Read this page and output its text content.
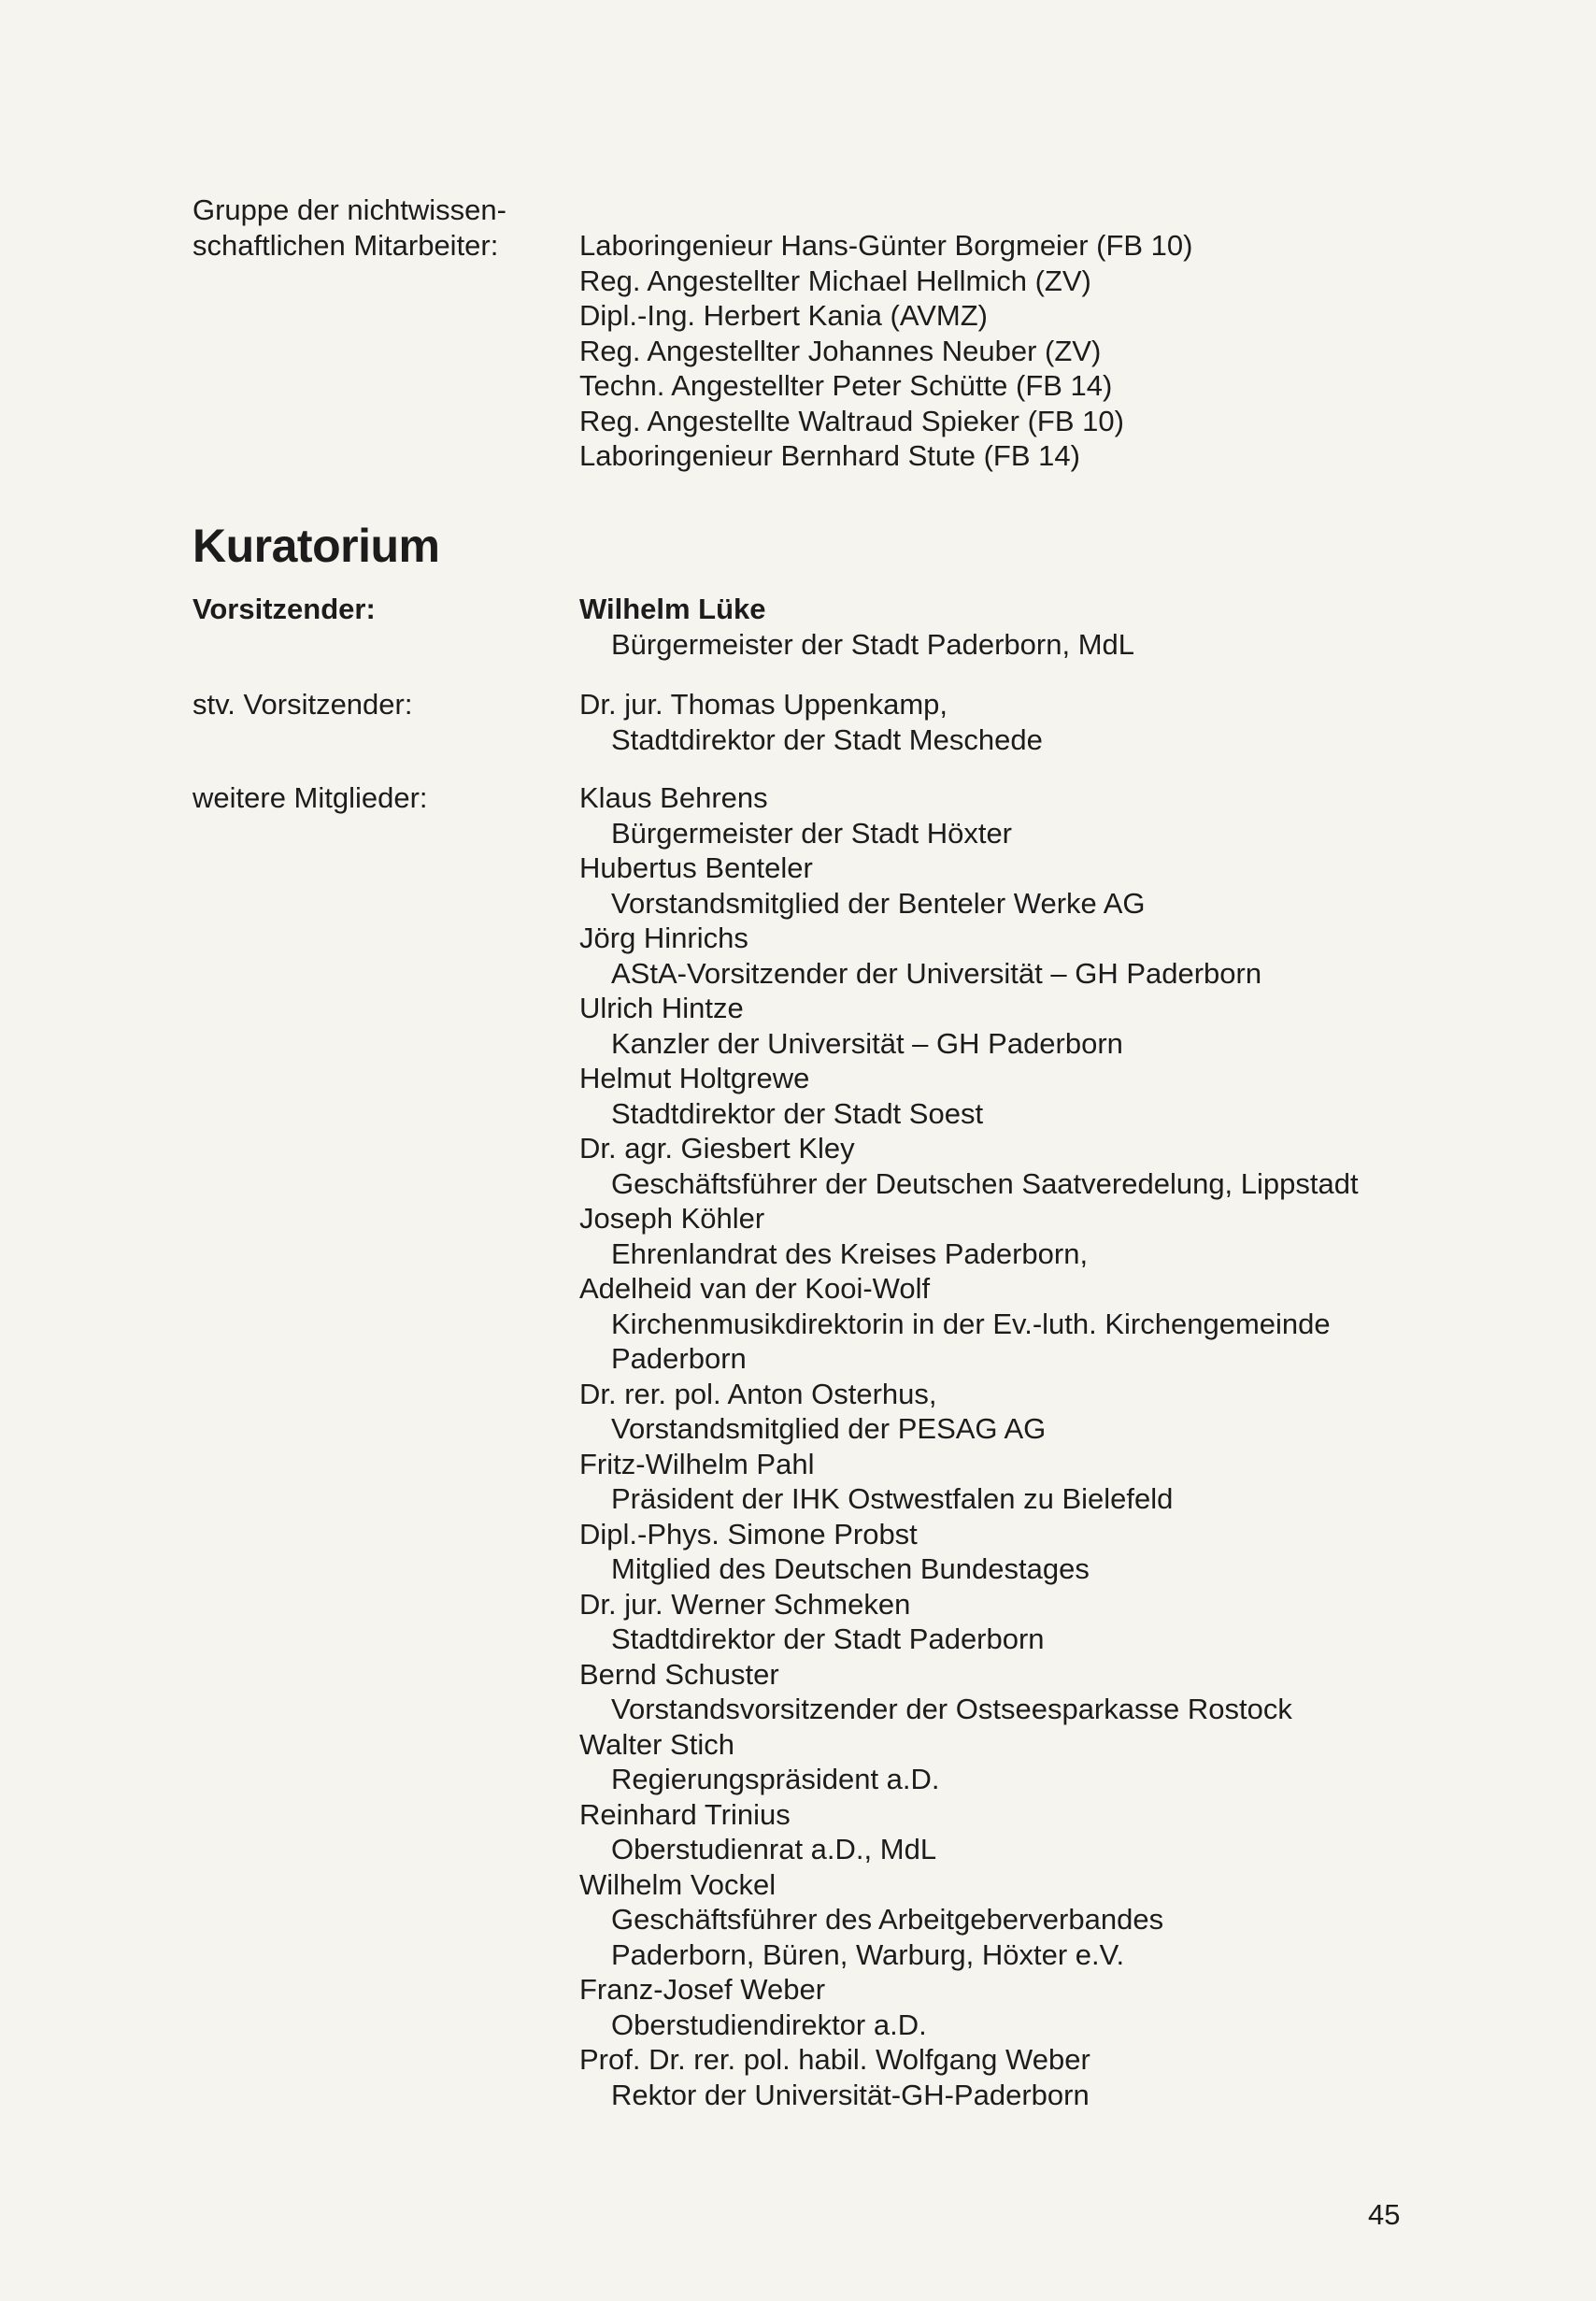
Gruppe der nichtwissen-
schaftlichen Mitarbeiter:	Laboringenieur Hans-Günter Borgmeier (FB 10)
Reg. Angestellter Michael Hellmich (ZV)
Dipl.-Ing. Herbert Kania (AVMZ)
Reg. Angestellter Johannes Neuber (ZV)
Techn. Angestellter Peter Schütte (FB 14)
Reg. Angestellte Waltraud Spieker (FB 10)
Laboringenieur Bernhard Stute (FB 14)
Kuratorium
Vorsitzender:	Wilhelm Lüke
Bürgermeister der Stadt Paderborn, MdL
stv. Vorsitzender:	Dr. jur. Thomas Uppenkamp,
Stadtdirektor der Stadt Meschede
weitere Mitglieder:	Klaus Behrens
Bürgermeister der Stadt Höxter
Hubertus Benteler
Vorstandsmitglied der Benteler Werke AG
Jörg Hinrichs
AStA-Vorsitzender der Universität – GH Paderborn
Ulrich Hintze
Kanzler der Universität – GH Paderborn
Helmut Holtgrewe
Stadtdirektor der Stadt Soest
Dr. agr. Giesbert Kley
Geschäftsführer der Deutschen Saatveredelung, Lippstadt
Joseph Köhler
Ehrenlandrat des Kreises Paderborn,
Adelheid van der Kooi-Wolf
Kirchenmusikdirektorin in der Ev.-luth. Kirchengemeinde
Paderborn
Dr. rer. pol. Anton Osterhus,
Vorstandsmitglied der PESAG AG
Fritz-Wilhelm Pahl
Präsident der IHK Ostwestfalen zu Bielefeld
Dipl.-Phys. Simone Probst
Mitglied des Deutschen Bundestages
Dr. jur. Werner Schmeken
Stadtdirektor der Stadt Paderborn
Bernd Schuster
Vorstandsvorsitzender der Ostseesparkasse Rostock
Walter Stich
Regierungspräsident a.D.
Reinhard Trinius
Oberstudienrat a.D., MdL
Wilhelm Vockel
Geschäftsführer des Arbeitgeberverbandes
Paderborn, Büren, Warburg, Höxter e.V.
Franz-Josef Weber
Oberstudiendirektor a.D.
Prof. Dr. rer. pol. habil. Wolfgang Weber
Rektor der Universität-GH-Paderborn
45
